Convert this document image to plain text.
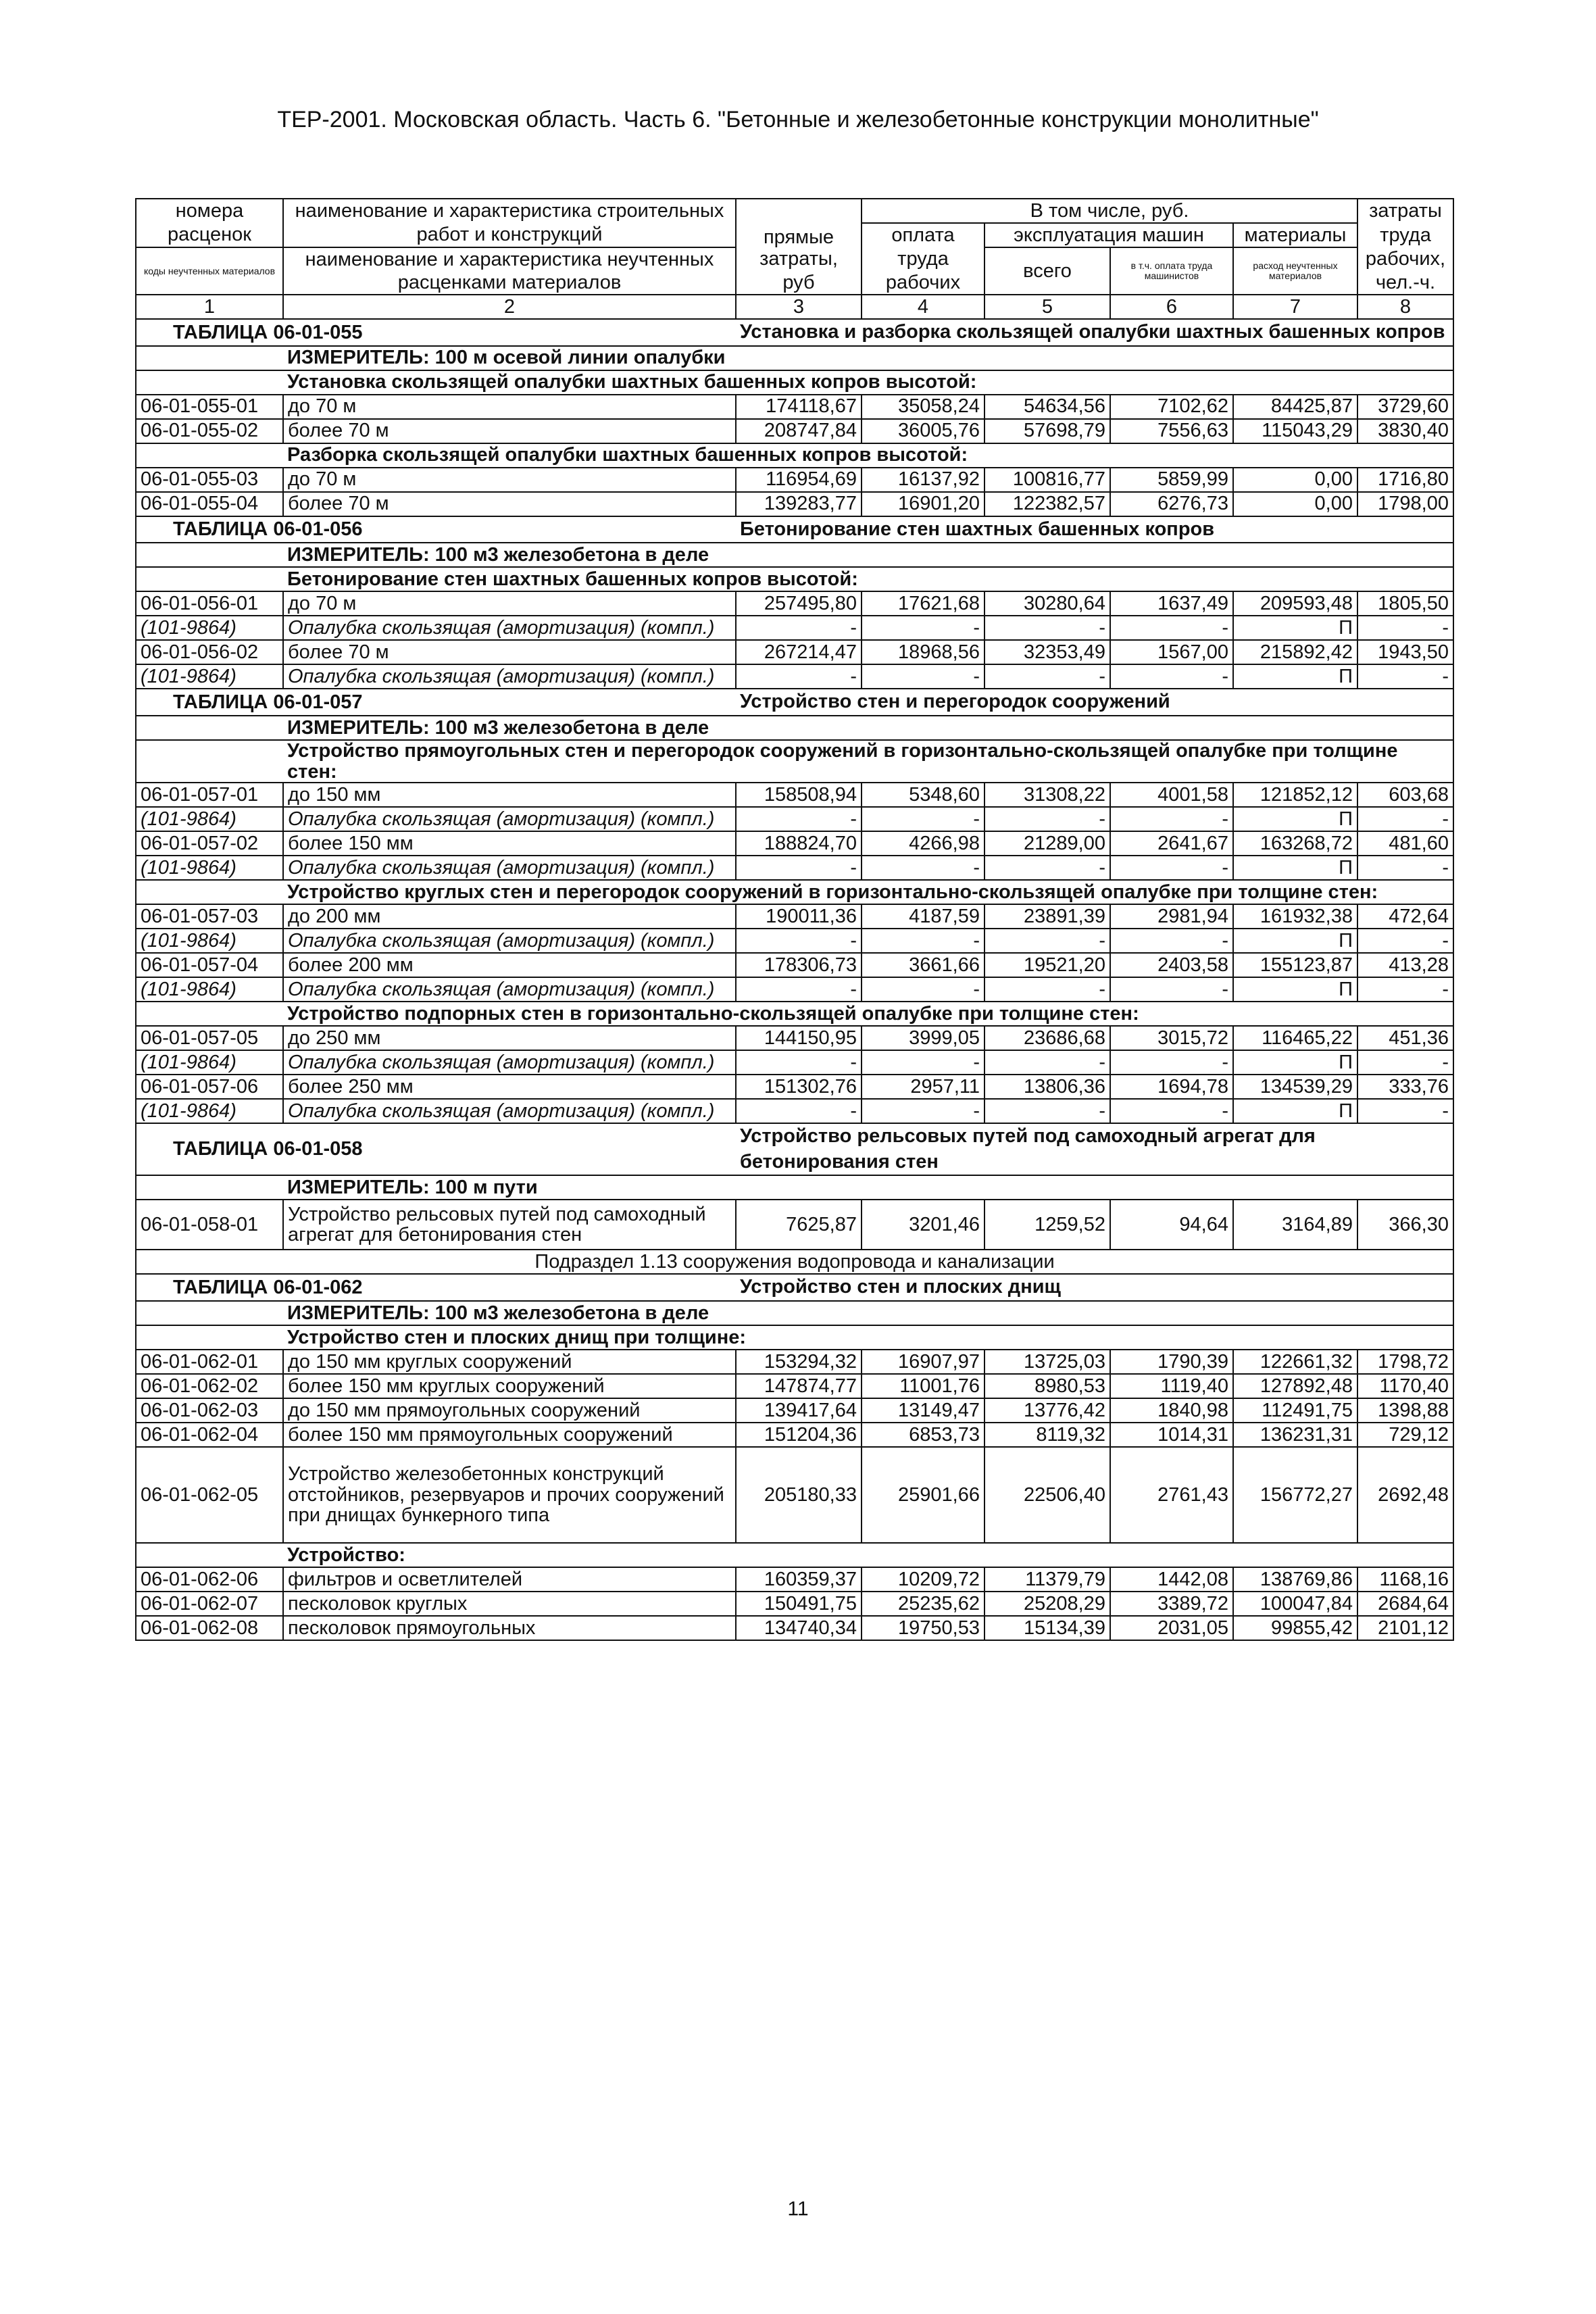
ТЕР-2001. Московская область. Часть 6. "Бетонные и железобетонные конструкции монолитные"
номера	наименование и характеристика строительных	прямые	В том числе, руб.				затраты
расценок	работ и конструкций		оплата	эксплуатация машин		материалы	труда
коды неучтенных материалов	наименование и характеристика неучтенных	затраты,	труда	всего	в т.ч. оплата труда машинистов	расход неучтенных материалов	рабочих,
	расценками материалов	руб	рабочих				чел.-ч.
1	2	3	4	5	6	7	8
ТАБЛИЦА 06-01-055		Установка и разборка скользящей опалубки шахтных башенных копров					
	ИЗМЕРИТЕЛЬ: 100 м осевой линии опалубки						
	Установка скользящей опалубки шахтных башенных копров высотой:						
06-01-055-01	до 70 м	174118,67	35058,24	54634,56	7102,62	84425,87	3729,60
06-01-055-02	более 70 м	208747,84	36005,76	57698,79	7556,63	115043,29	3830,40
	Разборка скользящей опалубки шахтных башенных копров высотой:						
06-01-055-03	до 70 м	116954,69	16137,92	100816,77	5859,99	0,00	1716,80
06-01-055-04	более 70 м	139283,77	16901,20	122382,57	6276,73	0,00	1798,00
ТАБЛИЦА 06-01-056		Бетонирование стен шахтных башенных копров					
	ИЗМЕРИТЕЛЬ: 100 м3 железобетона в деле						
	Бетонирование стен шахтных башенных копров высотой:						
06-01-056-01	до 70 м	257495,80	17621,68	30280,64	1637,49	209593,48	1805,50
(101-9864)	Опалубка скользящая (амортизация) (компл.)	-	-	-	-	П	-
06-01-056-02	более 70 м	267214,47	18968,56	32353,49	1567,00	215892,42	1943,50
(101-9864)	Опалубка скользящая (амортизация) (компл.)	-	-	-	-	П	-
ТАБЛИЦА 06-01-057		Устройство стен и перегородок сооружений					
	ИЗМЕРИТЕЛЬ: 100 м3 железобетона в деле						
	Устройство прямоугольных стен и перегородок сооружений в горизонтально-скользящей опалубке при толщине стен:						
06-01-057-01	до 150 мм	158508,94	5348,60	31308,22	4001,58	121852,12	603,68
(101-9864)	Опалубка скользящая (амортизация) (компл.)	-	-	-	-	П	-
06-01-057-02	более 150 мм	188824,70	4266,98	21289,00	2641,67	163268,72	481,60
(101-9864)	Опалубка скользящая (амортизация) (компл.)	-	-	-	-	П	-
	Устройство круглых стен и перегородок сооружений в горизонтально-скользящей опалубке при толщине стен:						
06-01-057-03	до 200 мм	190011,36	4187,59	23891,39	2981,94	161932,38	472,64
(101-9864)	Опалубка скользящая (амортизация) (компл.)	-	-	-	-	П	-
06-01-057-04	более 200 мм	178306,73	3661,66	19521,20	2403,58	155123,87	413,28
(101-9864)	Опалубка скользящая (амортизация) (компл.)	-	-	-	-	П	-
	Устройство подпорных стен в горизонтально-скользящей опалубке при толщине стен:						
06-01-057-05	до 250 мм	144150,95	3999,05	23686,68	3015,72	116465,22	451,36
(101-9864)	Опалубка скользящая (амортизация) (компл.)	-	-	-	-	П	-
06-01-057-06	более 250 мм	151302,76	2957,11	13806,36	1694,78	134539,29	333,76
(101-9864)	Опалубка скользящая (амортизация) (компл.)	-	-	-	-	П	-
ТАБЛИЦА 06-01-058		Устройство рельсовых путей под самоходный агрегат для бетонирования стен					
	ИЗМЕРИТЕЛЬ: 100 м пути						
06-01-058-01	Устройство рельсовых путей под самоходный агрегат для бетонирования стен	7625,87	3201,46	1259,52	94,64	3164,89	366,30
Подраздел 1.13 сооружения водопровода и канализации							
ТАБЛИЦА 06-01-062		Устройство стен и плоских днищ					
	ИЗМЕРИТЕЛЬ: 100 м3 железобетона в деле						
	Устройство стен и плоских днищ при толщине:						
06-01-062-01	до 150 мм круглых сооружений	153294,32	16907,97	13725,03	1790,39	122661,32	1798,72
06-01-062-02	более 150 мм круглых сооружений	147874,77	11001,76	8980,53	1119,40	127892,48	1170,40
06-01-062-03	до 150 мм прямоугольных сооружений	139417,64	13149,47	13776,42	1840,98	112491,75	1398,88
06-01-062-04	более 150 мм прямоугольных сооружений	151204,36	6853,73	8119,32	1014,31	136231,31	729,12
06-01-062-05	Устройство железобетонных конструкций отстойников, резервуаров и прочих сооружений при днищах бункерного типа	205180,33	25901,66	22506,40	2761,43	156772,27	2692,48
	Устройство:						
06-01-062-06	фильтров и осветлителей	160359,37	10209,72	11379,79	1442,08	138769,86	1168,16
06-01-062-07	песколовок круглых	150491,75	25235,62	25208,29	3389,72	100047,84	2684,64
06-01-062-08	песколовок прямоугольных	134740,34	19750,53	15134,39	2031,05	99855,42	2101,12
11
